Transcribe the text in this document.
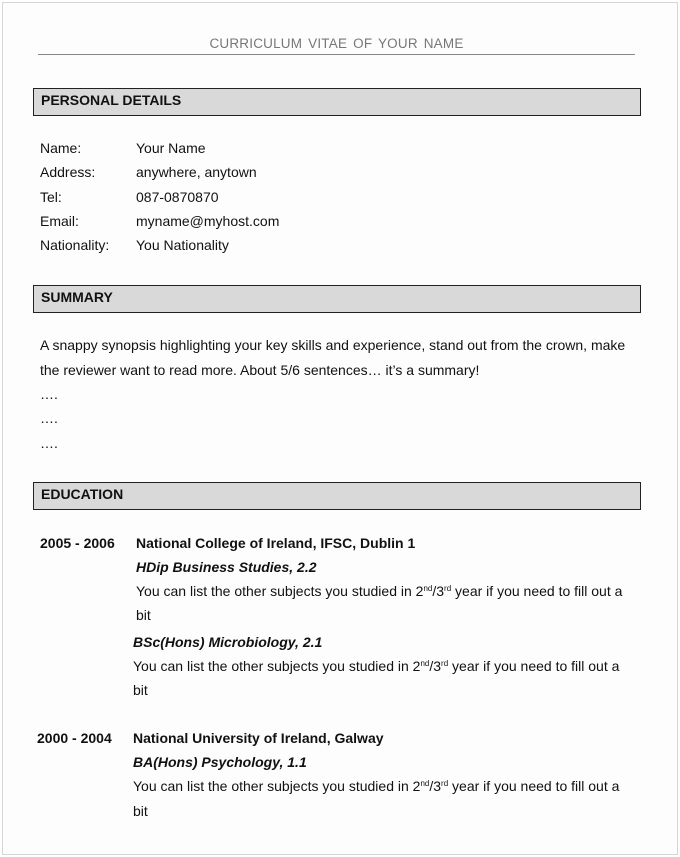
CURRICULUM VITAE OF YOUR NAME
PERSONAL DETAILS
Name:	Your Name
Address:	anywhere, anytown
Tel:	087-0870870
Email:	myname@myhost.com
Nationality: You Nationality
SUMMARY
A snappy synopsis highlighting your key skills and experience, stand out from the crown, make
the reviewer want to read more. About 5/6 sentences… it’s a summary!
….
….
….
EDUCATION
2005 - 2006 National College of Ireland, IFSC, Dublin 1
HDip Business Studies, 2.2
You can list the other subjects you studied in 2nd/3rd year if you need to fill out a
bit
BSc(Hons) Microbiology, 2.1
You can list the other subjects you studied in 2nd/3rd year if you need to fill out a
bit
2000 - 2004 National University of Ireland, Galway
BA(Hons) Psychology, 1.1
You can list the other subjects you studied in 2nd/3rd year if you need to fill out a
bit
